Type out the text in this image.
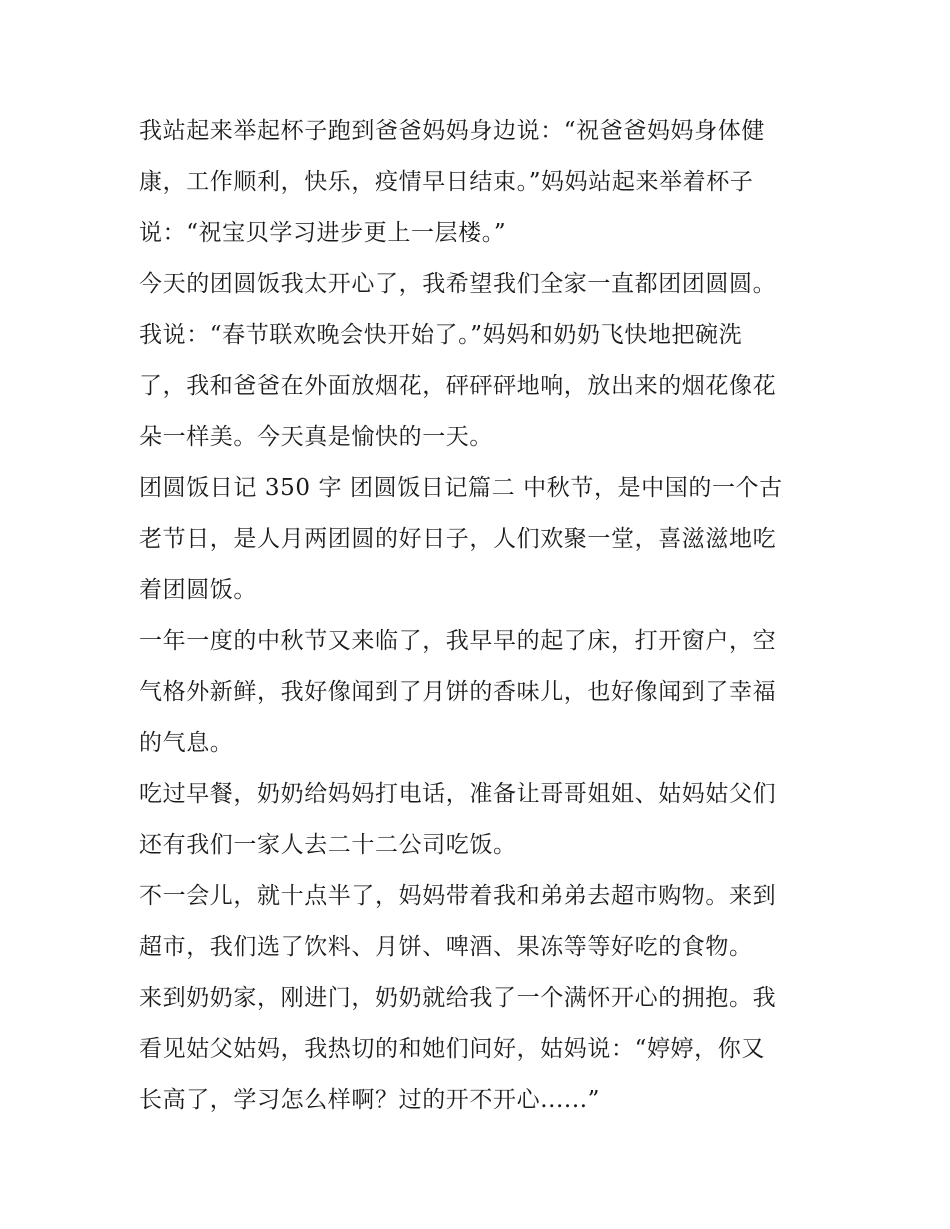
我站起来举起杯子跑到爸爸妈妈身边说：“祝爸爸妈妈身体健
康，工作顺利，快乐，疫情早日结束。”妈妈站起来举着杯子
说：“祝宝贝学习进步更上一层楼。”
今天的团圆饭我太开心了，我希望我们全家一直都团团圆圆。
我说：“春节联欢晚会快开始了。”妈妈和奶奶飞快地把碗洗
了，我和爸爸在外面放烟花，砰砰砰地响，放出来的烟花像花
朵一样美。今天真是愉快的一天。
团圆饭日记 350 字 团圆饭日记篇二 中秋节，是中国的一个古
老节日，是人月两团圆的好日子，人们欢聚一堂，喜滋滋地吃
着团圆饭。
一年一度的中秋节又来临了，我早早的起了床，打开窗户，空
气格外新鲜，我好像闻到了月饼的香味儿，也好像闻到了幸福
的气息。
吃过早餐，奶奶给妈妈打电话，准备让哥哥姐姐、姑妈姑父们
还有我们一家人去二十二公司吃饭。
不一会儿，就十点半了，妈妈带着我和弟弟去超市购物。来到
超市，我们选了饮料、月饼、啤酒、果冻等等好吃的食物。
来到奶奶家，刚进门，奶奶就给我了一个满怀开心的拥抱。我
看见姑父姑妈，我热切的和她们问好，姑妈说：“婷婷，你又
长高了，学习怎么样啊？过的开不开心......”
